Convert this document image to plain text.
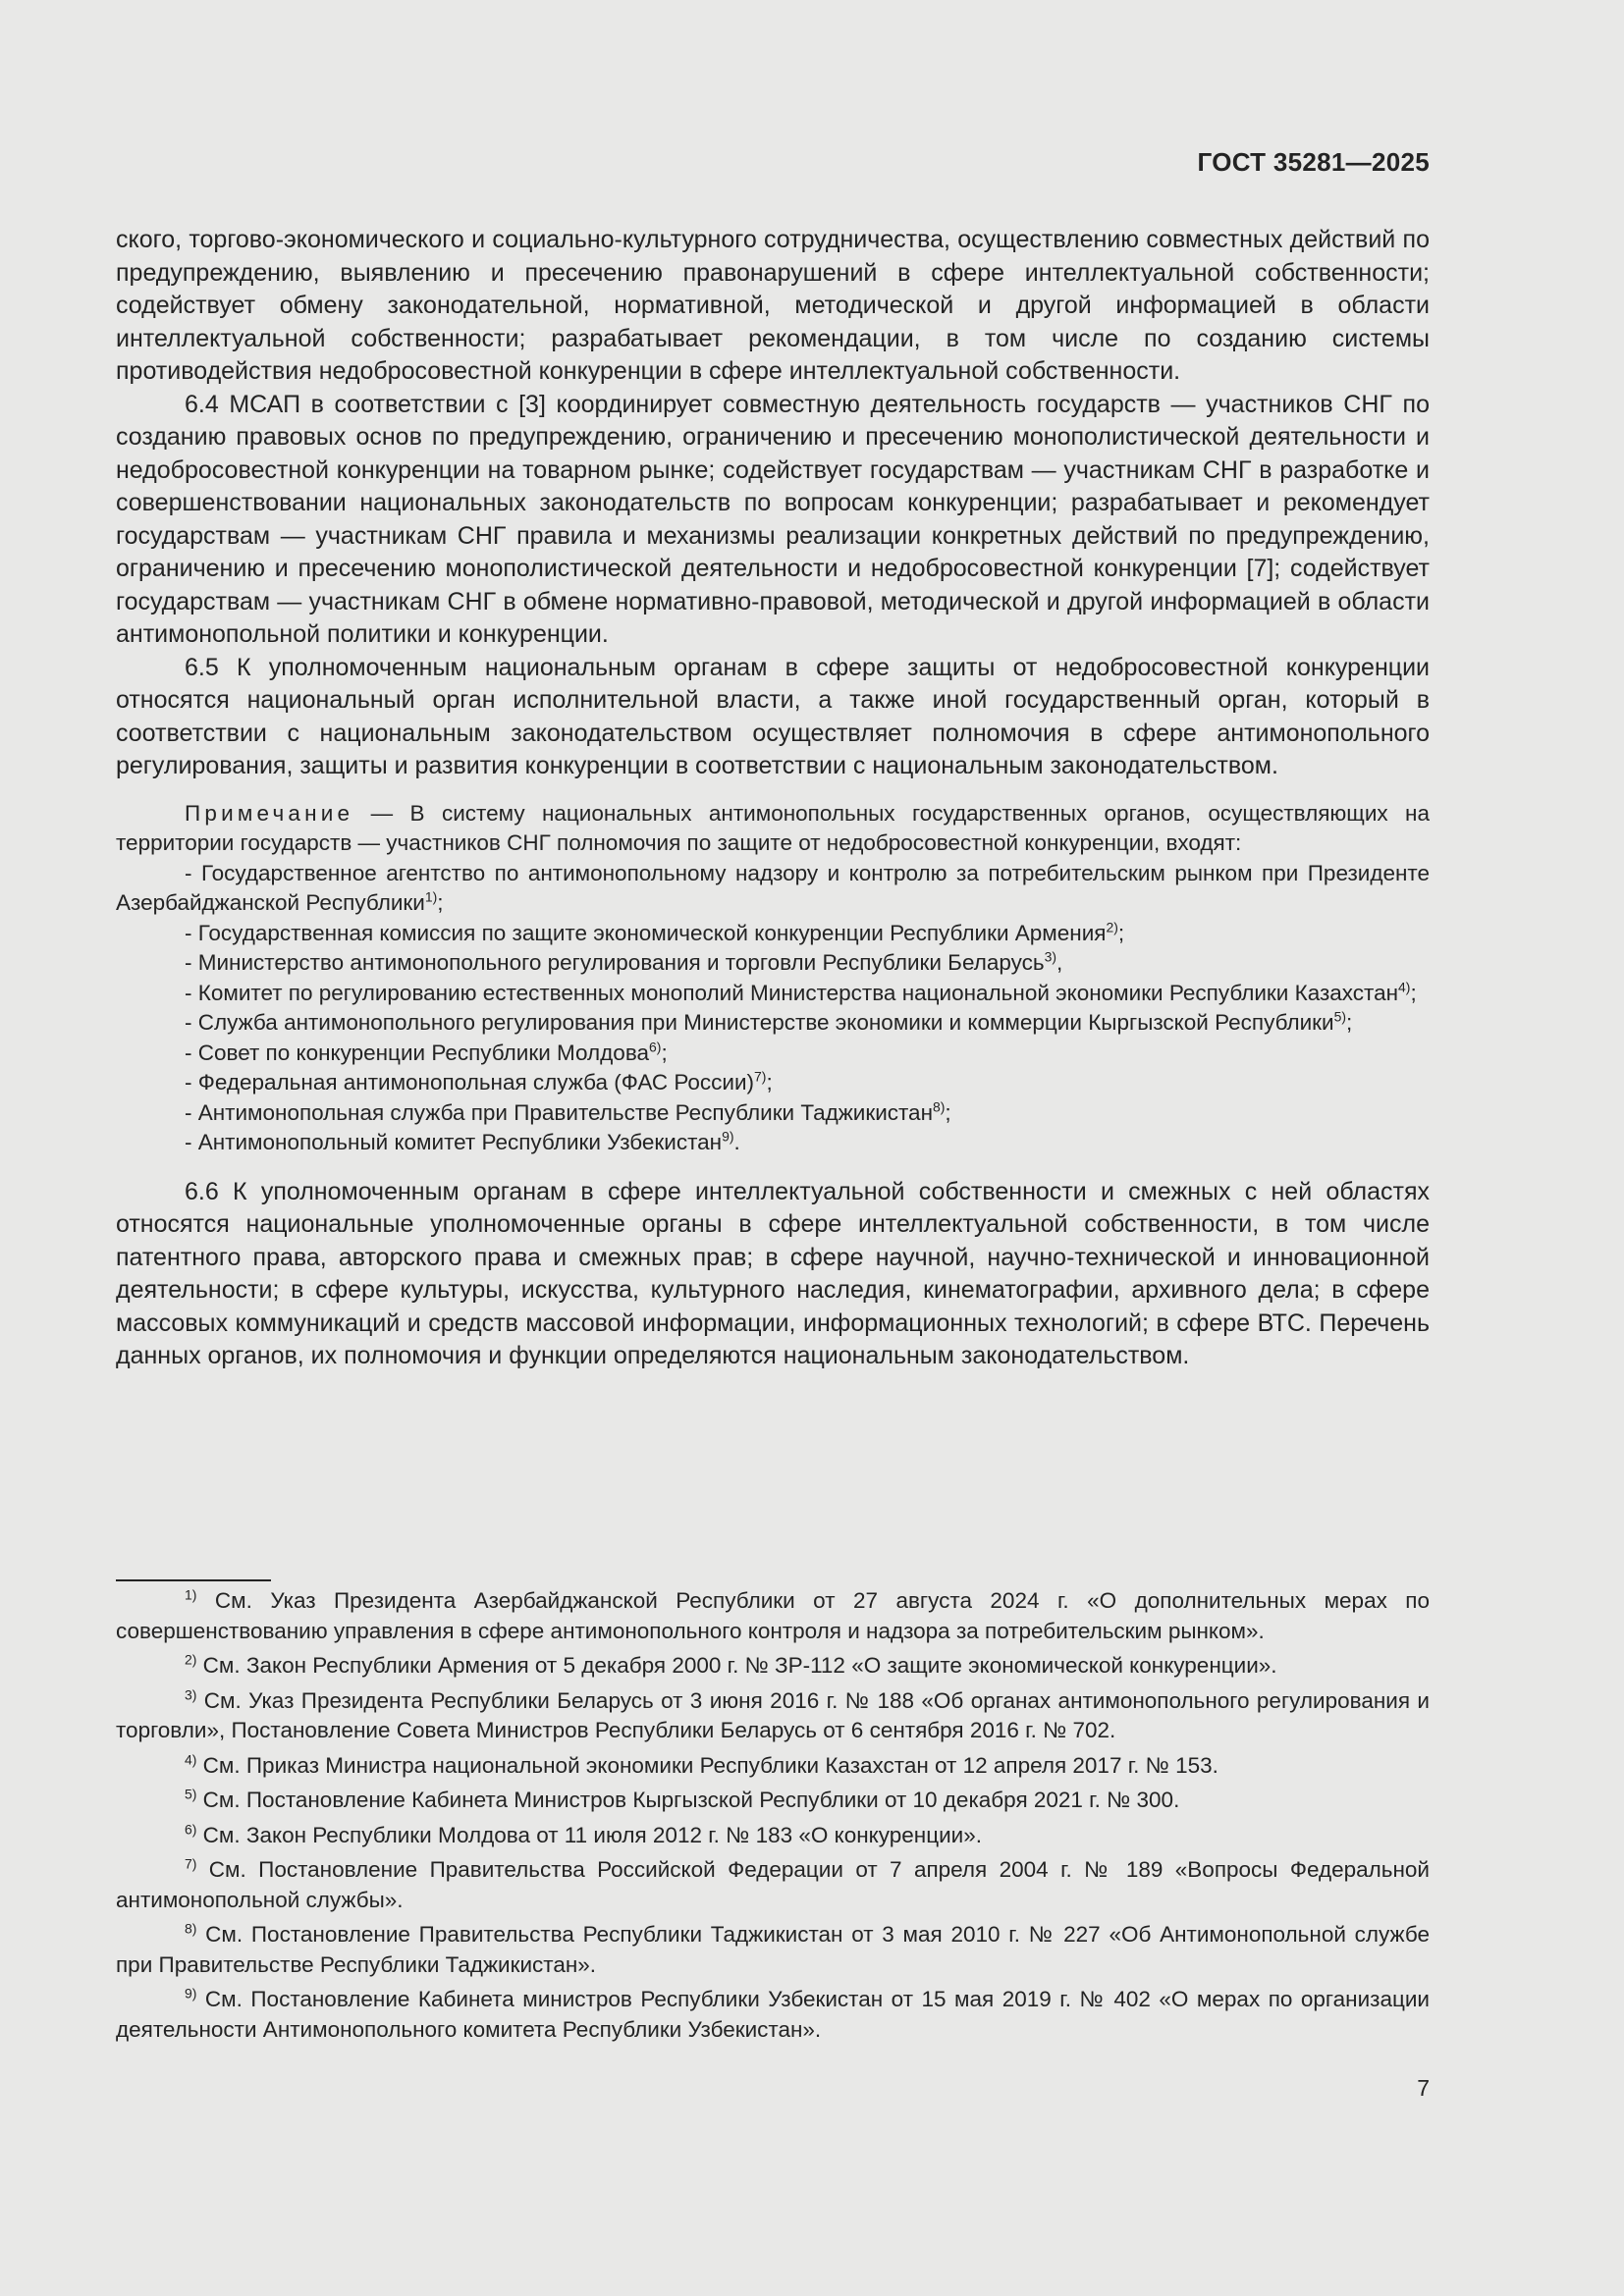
ГОСТ 35281—2025

ского, торгово-экономического и социально-культурного сотрудничества, осуществлению совместных действий по предупреждению, выявлению и пресечению правонарушений в сфере интеллектуальной собственности; содействует обмену законодательной, нормативной, методической и другой информацией в области интеллектуальной собственности; разрабатывает рекомендации, в том числе по созданию системы противодействия недобросовестной конкуренции в сфере интеллектуальной собственности.

6.4 МСАП в соответствии с [3] координирует совместную деятельность государств — участников СНГ по созданию правовых основ по предупреждению, ограничению и пресечению монополистической деятельности и недобросовестной конкуренции на товарном рынке; содействует государствам — участникам СНГ в разработке и совершенствовании национальных законодательств по вопросам конкуренции; разрабатывает и рекомендует государствам — участникам СНГ правила и механизмы реализации конкретных действий по предупреждению, ограничению и пресечению монополистической деятельности и недобросовестной конкуренции [7]; содействует государствам — участникам СНГ в обмене нормативно-правовой, методической и другой информацией в области антимонопольной политики и конкуренции.

6.5 К уполномоченным национальным органам в сфере защиты от недобросовестной конкуренции относятся национальный орган исполнительной власти, а также иной государственный орган, который в соответствии с национальным законодательством осуществляет полномочия в сфере антимонопольного регулирования, защиты и развития конкуренции в соответствии с национальным законодательством.

Примечание — В систему национальных антимонопольных государственных органов, осуществляющих на территории государств — участников СНГ полномочия по защите от недобросовестной конкуренции, входят:

- Государственное агентство по антимонопольному надзору и контролю за потребительским рынком при Президенте Азербайджанской Республики$^{1)}$;
- Государственная комиссия по защите экономической конкуренции Республики Армения$^{2)}$;
- Министерство антимонопольного регулирования и торговли Республики Беларусь$^{3)}$,
- Комитет по регулированию естественных монополий Министерства национальной экономики Республики Казахстан$^{4)}$;
- Служба антимонопольного регулирования при Министерстве экономики и коммерции Кыргызской Республики$^{5)}$;
- Совет по конкуренции Республики Молдова$^{6)}$;
- Федеральная антимонопольная служба (ФАС России)$^{7)}$;
- Антимонопольная служба при Правительстве Республики Таджикистан$^{8)}$;
- Антимонопольный комитет Республики Узбекистан$^{9)}$.

6.6 К уполномоченным органам в сфере интеллектуальной собственности и смежных с ней областях относятся национальные уполномоченные органы в сфере интеллектуальной собственности, в том числе патентного права, авторского права и смежных прав; в сфере научной, научно-технической и инновационной деятельности; в сфере культуры, искусства, культурного наследия, кинематографии, архивного дела; в сфере массовых коммуникаций и средств массовой информации, информационных технологий; в сфере ВТС. Перечень данных органов, их полномочия и функции определяются национальным законодательством.

$^{1)}$ См. Указ Президента Азербайджанской Республики от 27 августа 2024 г. «О дополнительных мерах по совершенствованию управления в сфере антимонопольного контроля и надзора за потребительским рынком».

$^{2)}$ См. Закон Республики Армения от 5 декабря 2000 г. № ЗР-112 «О защите экономической конкуренции».

$^{3)}$ См. Указ Президента Республики Беларусь от 3 июня 2016 г. № 188 «Об органах антимонопольного регулирования и торговли», Постановление Совета Министров Республики Беларусь от 6 сентября 2016 г. № 702.

$^{4)}$ См. Приказ Министра национальной экономики Республики Казахстан от 12 апреля 2017 г. № 153.

$^{5)}$ См. Постановление Кабинета Министров Кыргызской Республики от 10 декабря 2021 г. № 300.

$^{6)}$ См. Закон Республики Молдова от 11 июля 2012 г. № 183 «О конкуренции».

$^{7)}$ См. Постановление Правительства Российской Федерации от 7 апреля 2004 г. № 189 «Вопросы Федеральной антимонопольной службы».

$^{8)}$ См. Постановление Правительства Республики Таджикистан от 3 мая 2010 г. № 227 «Об Антимонопольной службе при Правительстве Республики Таджикистан».

$^{9)}$ См. Постановление Кабинета министров Республики Узбекистан от 15 мая 2019 г. № 402 «О мерах по организации деятельности Антимонопольного комитета Республики Узбекистан».

7
